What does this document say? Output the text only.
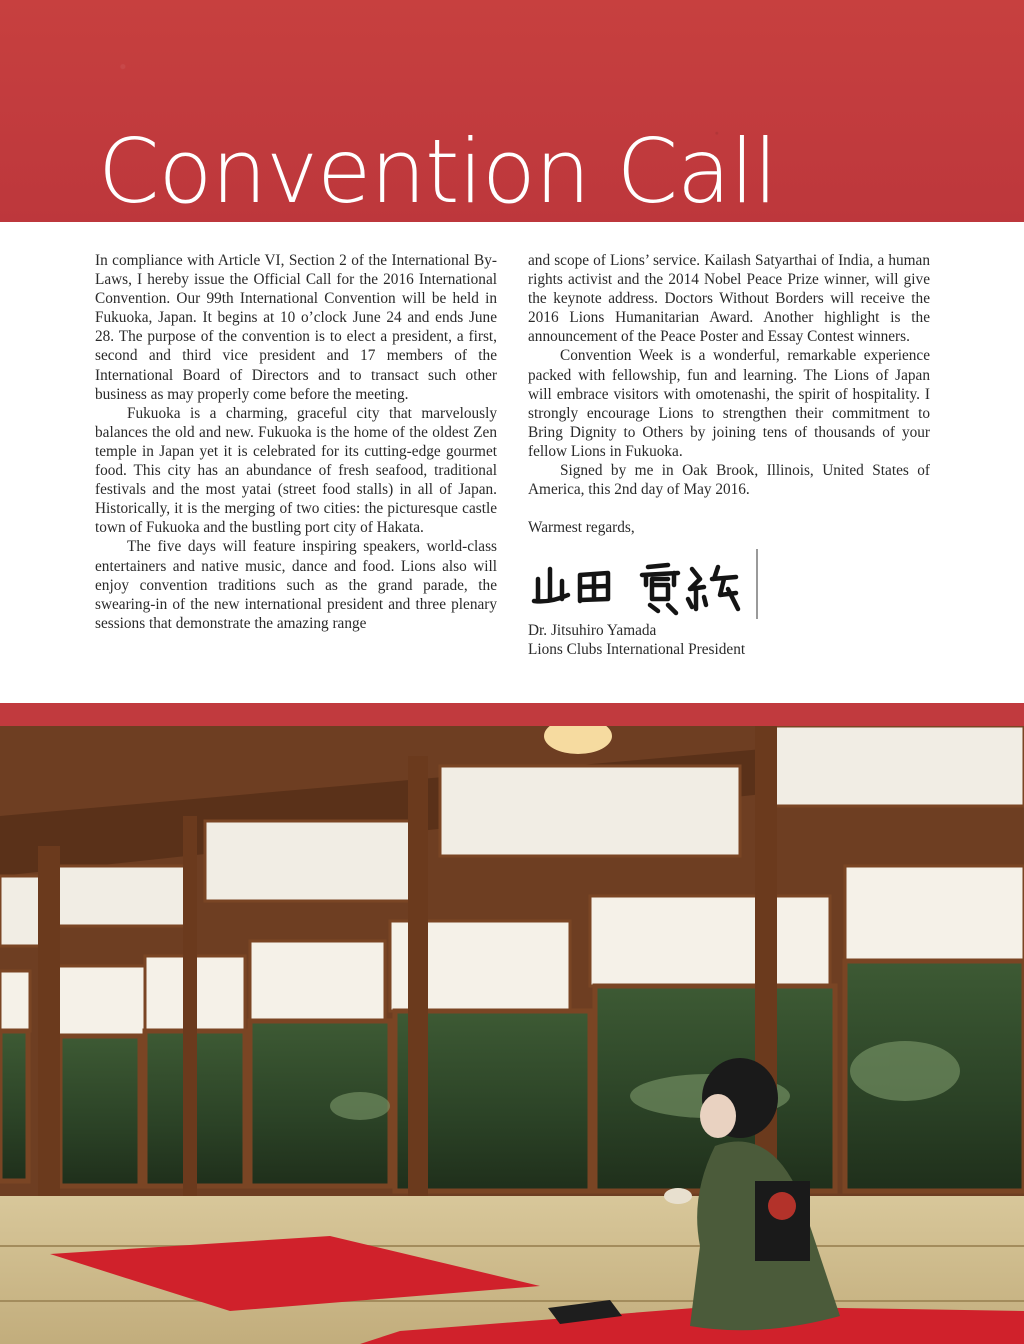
Convention Call

In compliance with Article VI, Section 2 of the International By-Laws, I hereby issue the Official Call for the 2016 International Convention. Our 99th International Convention will be held in Fukuoka, Japan. It begins at 10 o’clock June 24 and ends June 28. The purpose of the convention is to elect a president, a first, second and third vice president and 17 members of the International Board of Directors and to transact such other business as may properly come before the meeting.

Fukuoka is a charming, graceful city that marvelously balances the old and new. Fukuoka is the home of the oldest Zen temple in Japan yet it is celebrated for its cutting-edge gourmet food. This city has an abundance of fresh seafood, traditional festivals and the most yatai (street food stalls) in all of Japan. Historically, it is the merging of two cities: the picturesque castle town of Fukuoka and the bustling port city of Hakata.

The five days will feature inspiring speakers, world-class entertainers and native music, dance and food. Lions also will enjoy convention traditions such as the grand parade, the swearing-in of the new international president and three plenary sessions that demonstrate the amazing range

and scope of Lions’ service. Kailash Satyarthai of India, a human rights activist and the 2014 Nobel Peace Prize winner, will give the keynote address. Doctors Without Borders will receive the 2016 Lions Humanitarian Award. Another highlight is the announcement of the Peace Poster and Essay Contest winners.

Convention Week is a wonderful, remarkable experience packed with fellowship, fun and learning. The Lions of Japan will embrace visitors with omotenashi, the spirit of hospitality. I strongly encourage Lions to strengthen their commitment to Bring Dignity to Others by joining tens of thousands of your fellow Lions in Fukuoka.

Signed by me in Oak Brook, Illinois, United States of America, this 2nd day of May 2016.

Warmest regards,

Dr. Jitsuhiro Yamada

Lions Clubs International President
